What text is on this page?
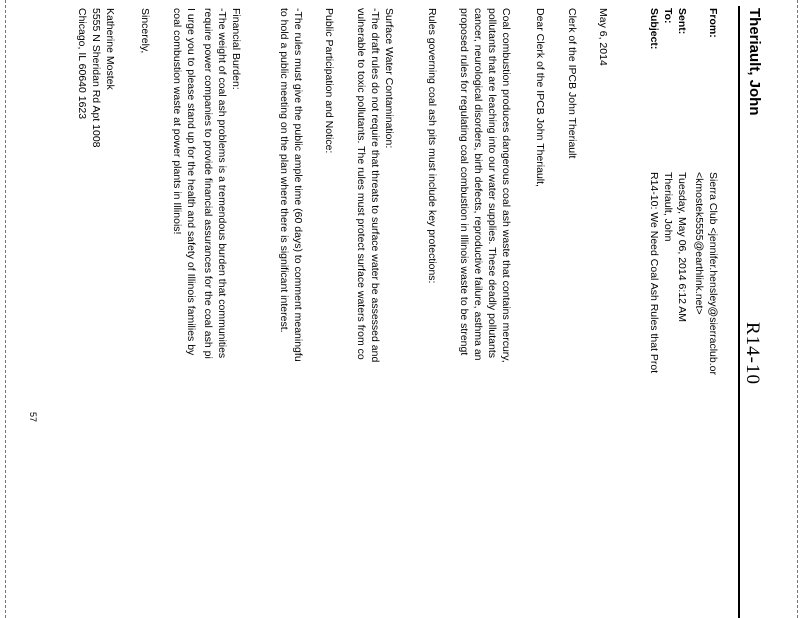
R14-10
Theriault, John
From:
Sierra Club <jennifer.hensley@sierraclub.or
<kmostek5555@earthlink.net>
Sent:
Tuesday, May 06, 2014 6:12 AM
To:
Theriault, John
Subject:
R14-10: We Need Coal Ash Rules that Prot
May 6, 2014
Clerk of the IPCB John Theriault
Dear Clerk of the IPCB John Theriault,
Coal combustion produces dangerous coal ash waste that contains mercury,
pollutants that are leaching into our water supplies. These deadly pollutants
cancer, neurological disorders, birth defects, reproductive failure, asthma an
proposed rules for regulating coal combustion in Illinois waste to be strengt
Rules governing coal ash pits must include key protections:
Surface Water Contamination:
-The draft rules do not require that threats to surface water be assessed and
vulnerable to toxic pollutants. The rules must protect surface waters from co
Public Participation and Notice:
-The rules must give the public ample time (60 days) to comment meaningfu
to hold a public meeting on the plan where there is significant interest.
Financial Burden:
-The weight of coal ash problems is a tremendous burden that communities
require power companies to provide financial assurances for the coal ash pi
I urge you to please stand up for the health and safety of Illinois families by
coal combustion waste at power plants in Illinois!
Sincerely,
Katherine Mostek
5555 N Sheridan Rd Apt 1008
Chicago, IL 60640 1623
57
